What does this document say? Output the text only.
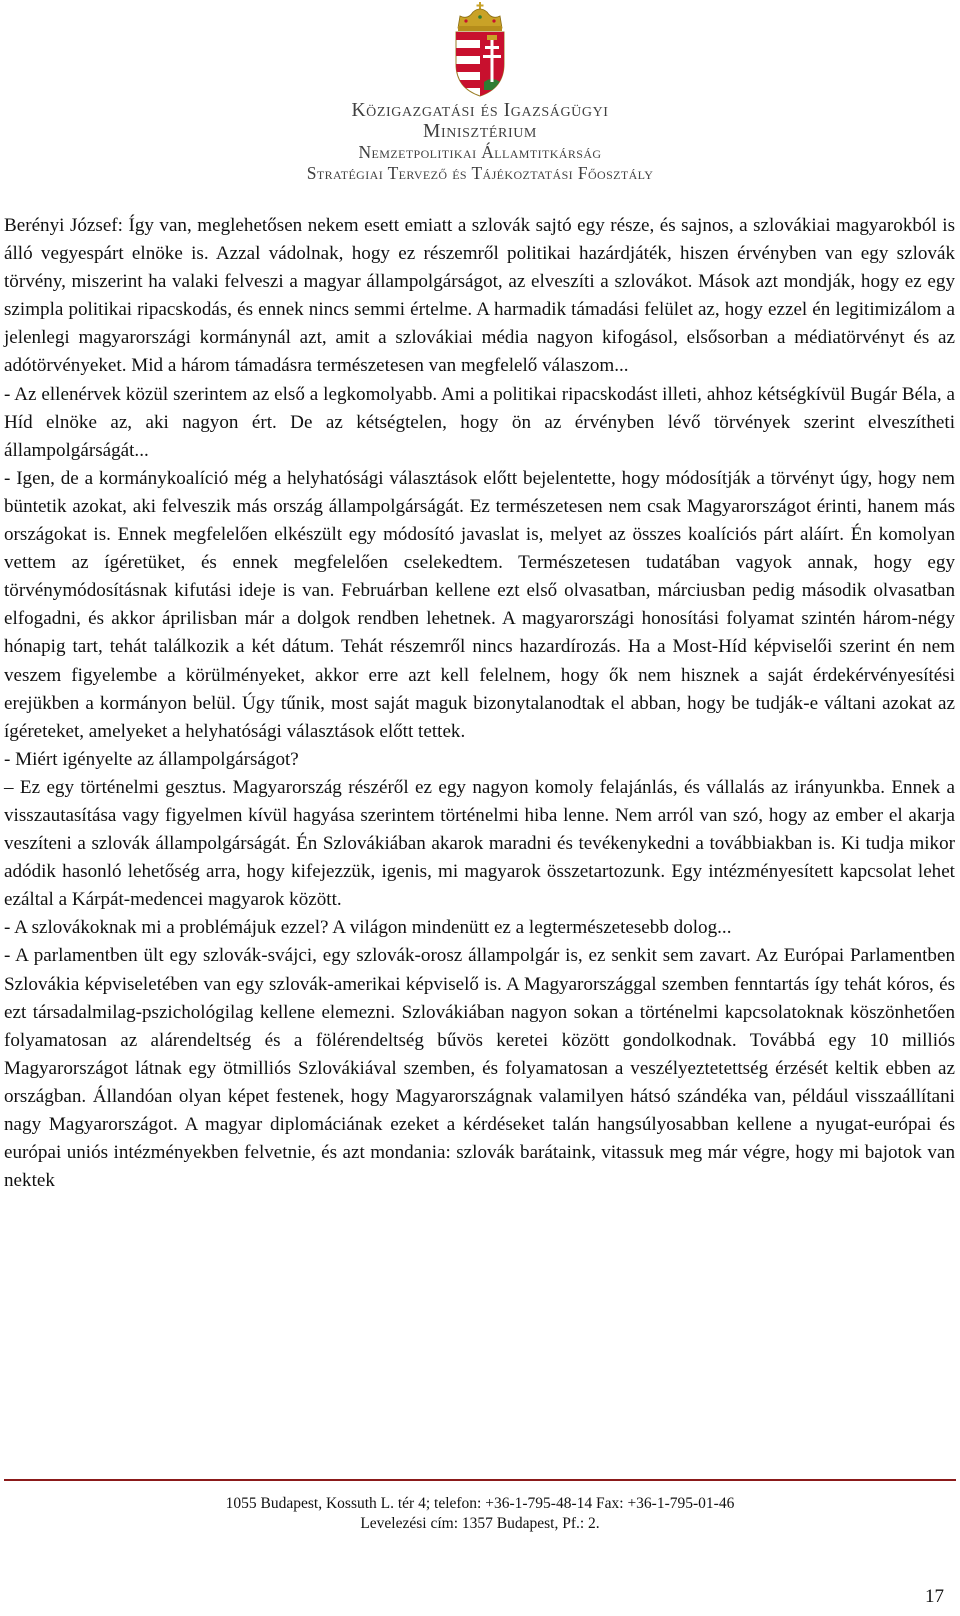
Közigazgatási és Igazságügyi
Minisztérium
Nemzetpolitikai Államtitkárság
Stratégiai Tervező és Tájékoztatási Főosztály

Berényi József: Így van, meglehetősen nekem esett emiatt a szlovák sajtó egy része, és sajnos, a szlovákiai magyarokból is álló vegyespárt elnöke is. Azzal vádolnak, hogy ez részemről politikai hazárdjáték, hiszen érvényben van egy szlovák törvény, miszerint ha valaki felveszi a magyar állampolgárságot, az elveszíti a szlovákot. Mások azt mondják, hogy ez egy szimpla politikai ripacskodás, és ennek nincs semmi értelme. A harmadik támadási felület az, hogy ezzel én legitimizálom a jelenlegi magyarországi kormánynál azt, amit a szlovákiai média nagyon kifogásol, elsősorban a médiatörvényt és az adótörvényeket. Mid a három támadásra természetesen van megfelelő válaszom...

- Az ellenérvek közül szerintem az első a legkomolyabb. Ami a politikai ripacskodást illeti, ahhoz kétségkívül Bugár Béla, a Híd elnöke az, aki nagyon ért. De az kétségtelen, hogy ön az érvényben lévő törvények szerint elveszítheti állampolgárságát...

- Igen, de a kormánykoalíció még a helyhatósági választások előtt bejelentette, hogy módosítják a törvényt úgy, hogy nem büntetik azokat, aki felveszik más ország állampolgárságát. Ez természetesen nem csak Magyarországot érinti, hanem más országokat is. Ennek megfelelően elkészült egy módosító javaslat is, melyet az összes koalíciós párt aláírt. Én komolyan vettem az ígéretüket, és ennek megfelelően cselekedtem. Természetesen tudatában vagyok annak, hogy egy törvénymódosításnak kifutási ideje is van. Februárban kellene ezt első olvasatban, márciusban pedig második olvasatban elfogadni, és akkor áprilisban már a dolgok rendben lehetnek. A magyarországi honosítási folyamat szintén három-négy hónapig tart, tehát találkozik a két dátum. Tehát részemről nincs hazardírozás. Ha a Most-Híd képviselői szerint én nem veszem figyelembe a körülményeket, akkor erre azt kell felelnem, hogy ők nem hisznek a saját érdekérvényesítési erejükben a kormányon belül. Úgy tűnik, most saját maguk bizonytalanodtak el abban, hogy be tudják-e váltani azokat az ígéreteket, amelyeket a helyhatósági választások előtt tettek.

- Miért igényelte az állampolgárságot?

– Ez egy történelmi gesztus. Magyarország részéről ez egy nagyon komoly felajánlás, és vállalás az irányunkba. Ennek a visszautasítása vagy figyelmen kívül hagyása szerintem történelmi hiba lenne. Nem arról van szó, hogy az ember el akarja veszíteni a szlovák állampolgárságát. Én Szlovákiában akarok maradni és tevékenykedni a továbbiakban is. Ki tudja mikor adódik hasonló lehetőség arra, hogy kifejezzük, igenis, mi magyarok összetartozunk. Egy intézményesített kapcsolat lehet ezáltal a Kárpát-medencei magyarok között.

- A szlovákoknak mi a problémájuk ezzel? A világon mindenütt ez a legtermészetesebb dolog...

- A parlamentben ült egy szlovák-svájci, egy szlovák-orosz állampolgár is, ez senkit sem zavart. Az Európai Parlamentben Szlovákia képviseletében van egy szlovák-amerikai képviselő is. A Magyarországgal szemben fenntartás így tehát kóros, és ezt társadalmilag-pszichológilag kellene elemezni. Szlovákiában nagyon sokan a történelmi kapcsolatoknak köszönhetően folyamatosan az alárendeltség és a fölérendeltség bűvös keretei között gondolkodnak. Továbbá egy 10 milliós Magyarországot látnak egy ötmilliós Szlovákiával szemben, és folyamatosan a veszélyeztetettség érzését keltik ebben az országban. Állandóan olyan képet festenek, hogy Magyarországnak valamilyen hátsó szándéka van, például visszaállítani nagy Magyarországot. A magyar diplomáciának ezeket a kérdéseket talán hangsúlyosabban kellene a nyugat-európai és európai uniós intézményekben felvetnie, és azt mondania: szlovák barátaink, vitassuk meg már végre, hogy mi bajotok van nektek

1055 Budapest, Kossuth L. tér 4; telefon: +36-1-795-48-14 Fax: +36-1-795-01-46
Levelezési cím: 1357 Budapest, Pf.: 2.
17
